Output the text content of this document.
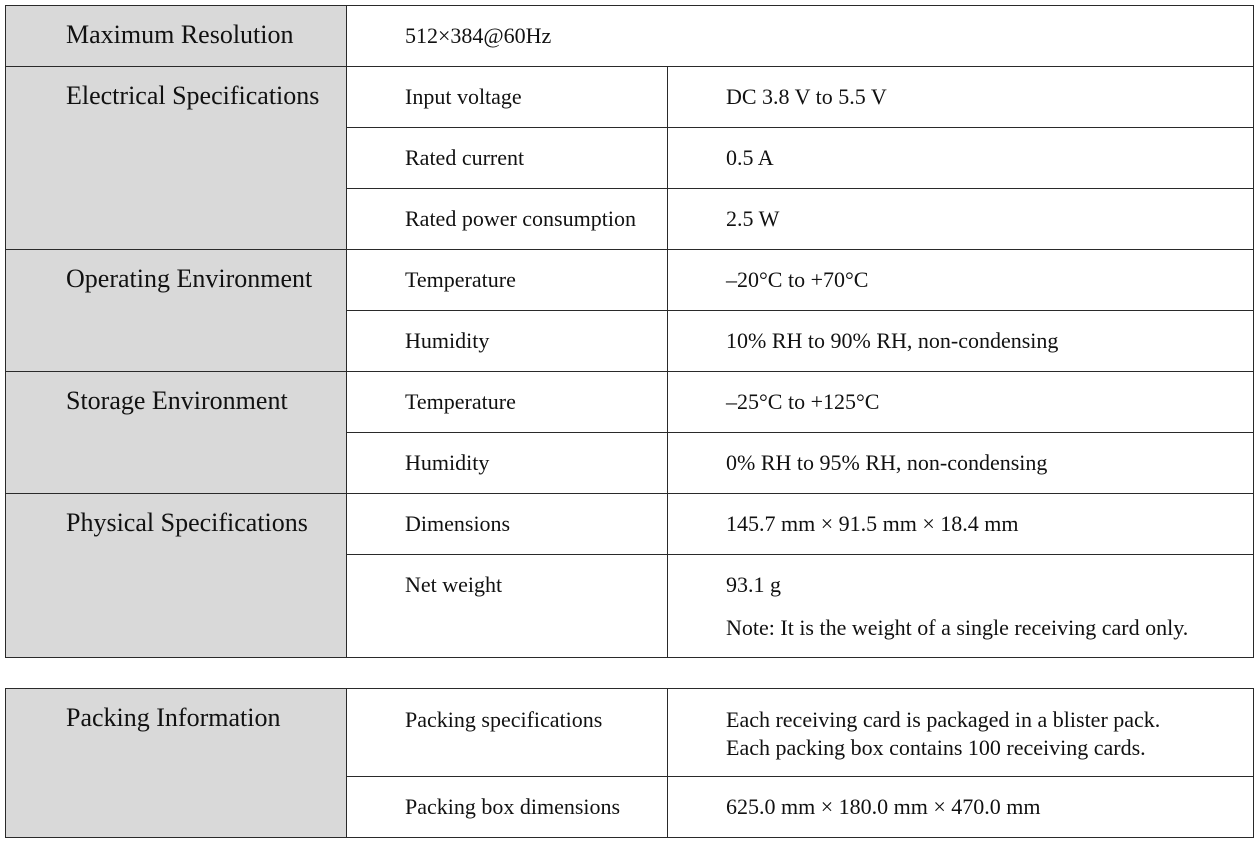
Maximum Resolution	512×384@60Hz	
Electrical Specifications	Input voltage	DC 3.8 V to 5.5 V
	Rated current	0.5 A
	Rated power consumption	2.5 W
Operating Environment	Temperature	–20°C to +70°C
	Humidity	10% RH to 90% RH, non-condensing
Storage Environment	Temperature	–25°C to +125°C
	Humidity	0% RH to 95% RH, non-condensing
Physical Specifications	Dimensions	145.7 mm × 91.5 mm × 18.4 mm
	Net weight	93.1 g
Note: It is the weight of a single receiving card only.
Packing Information	Packing specifications	Each receiving card is packaged in a blister pack.
Each packing box contains 100 receiving cards.

	Packing box dimensions	625.0 mm × 180.0 mm × 470.0 mm
